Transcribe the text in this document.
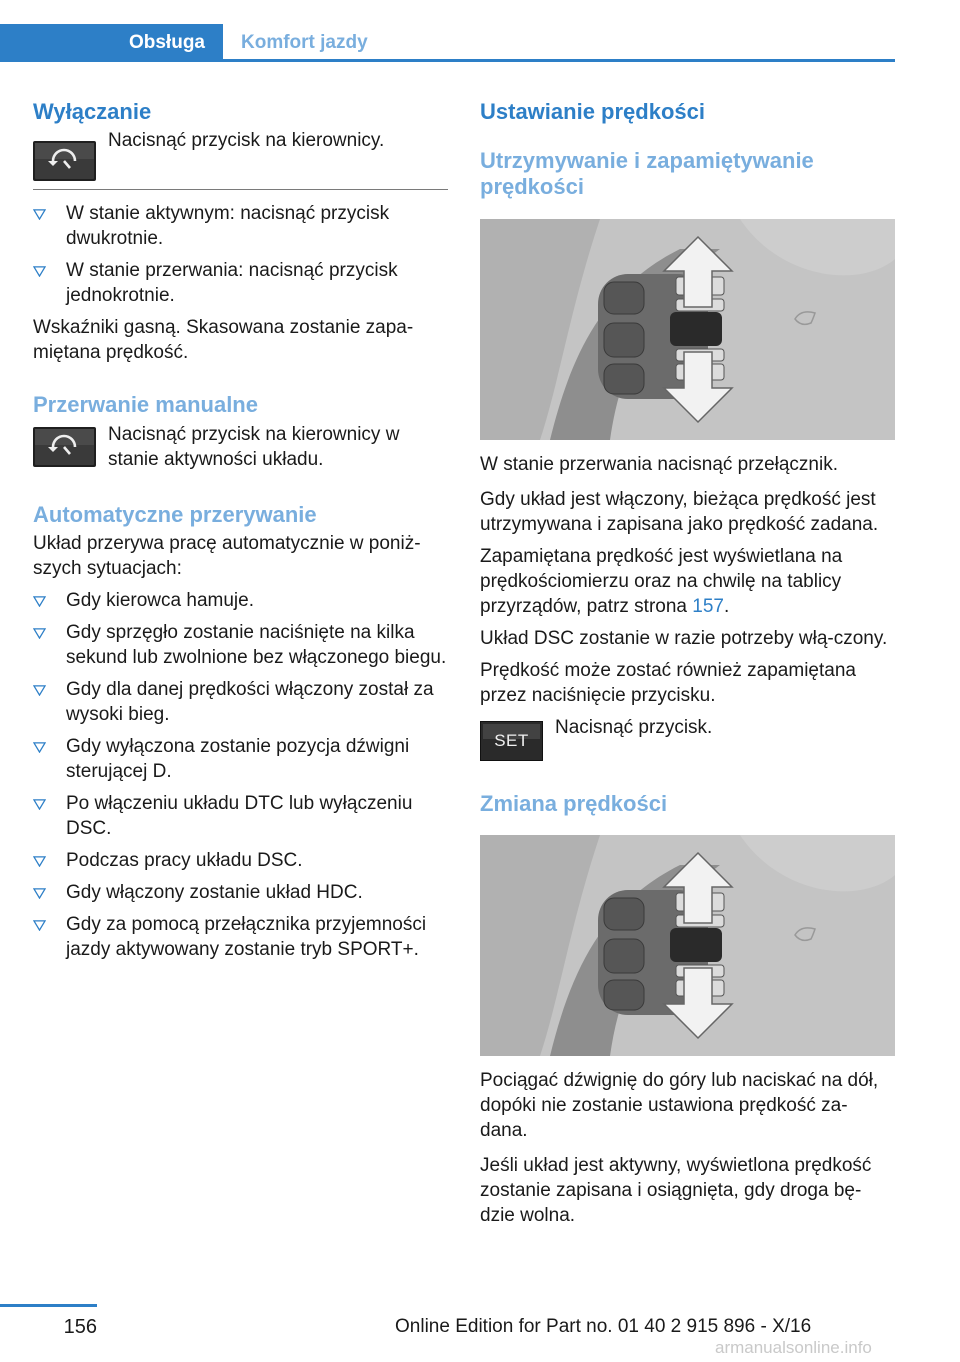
Obsługa	Komfort jazdy
Wyłączanie

Nacisnąć przycisk na kierownicy.

W stanie aktywnym: nacisnąć przycisk dwukrotnie.
W stanie przerwania: nacisnąć przycisk jednokrotnie.

Wskaźniki gasną. Skasowana zostanie zapa‐miętana prędkość.

Przerwanie manualne

Nacisnąć przycisk na kierownicy w stanie aktywności układu.

Automatyczne przerywanie

Układ przerywa pracę automatycznie w poniż‐szych sytuacjach:

Gdy kierowca hamuje.
Gdy sprzęgło zostanie naciśnięte na kilka sekund lub zwolnione bez włączonego biegu.
Gdy dla danej prędkości włączony został za wysoki bieg.
Gdy wyłączona zostanie pozycja dźwigni sterującej D.
Po włączeniu układu DTC lub wyłączeniu DSC.
Podczas pracy układu DSC.
Gdy włączony zostanie układ HDC.
Gdy za pomocą przełącznika przyjemności jazdy aktywowany zostanie tryb SPORT+.
Ustawianie prędkości
Utrzymywanie i zapamiętywanie prędkości

W stanie przerwania nacisnąć przełącznik.

Gdy układ jest włączony, bieżąca prędkość jest utrzymywana i zapisana jako prędkość zadana.

Zapamiętana prędkość jest wyświetlana na prędkościomierzu oraz na chwilę na tablicy przyrządów, patrz strona 157.

Układ DSC zostanie w razie potrzeby włą‐czony.

Prędkość może zostać również zapamiętana przez naciśnięcie przycisku.

SET

Nacisnąć przycisk.

Zmiana prędkości

Pociągać dźwignię do góry lub naciskać na dół, dopóki nie zostanie ustawiona prędkość za‐dana.

Jeśli układ jest aktywny, wyświetlona prędkość zostanie zapisana i osiągnięta, gdy droga bę‐dzie wolna.

156	Online Edition for Part no. 01 40 2 915 896 - X/16
armanualsonline.info
